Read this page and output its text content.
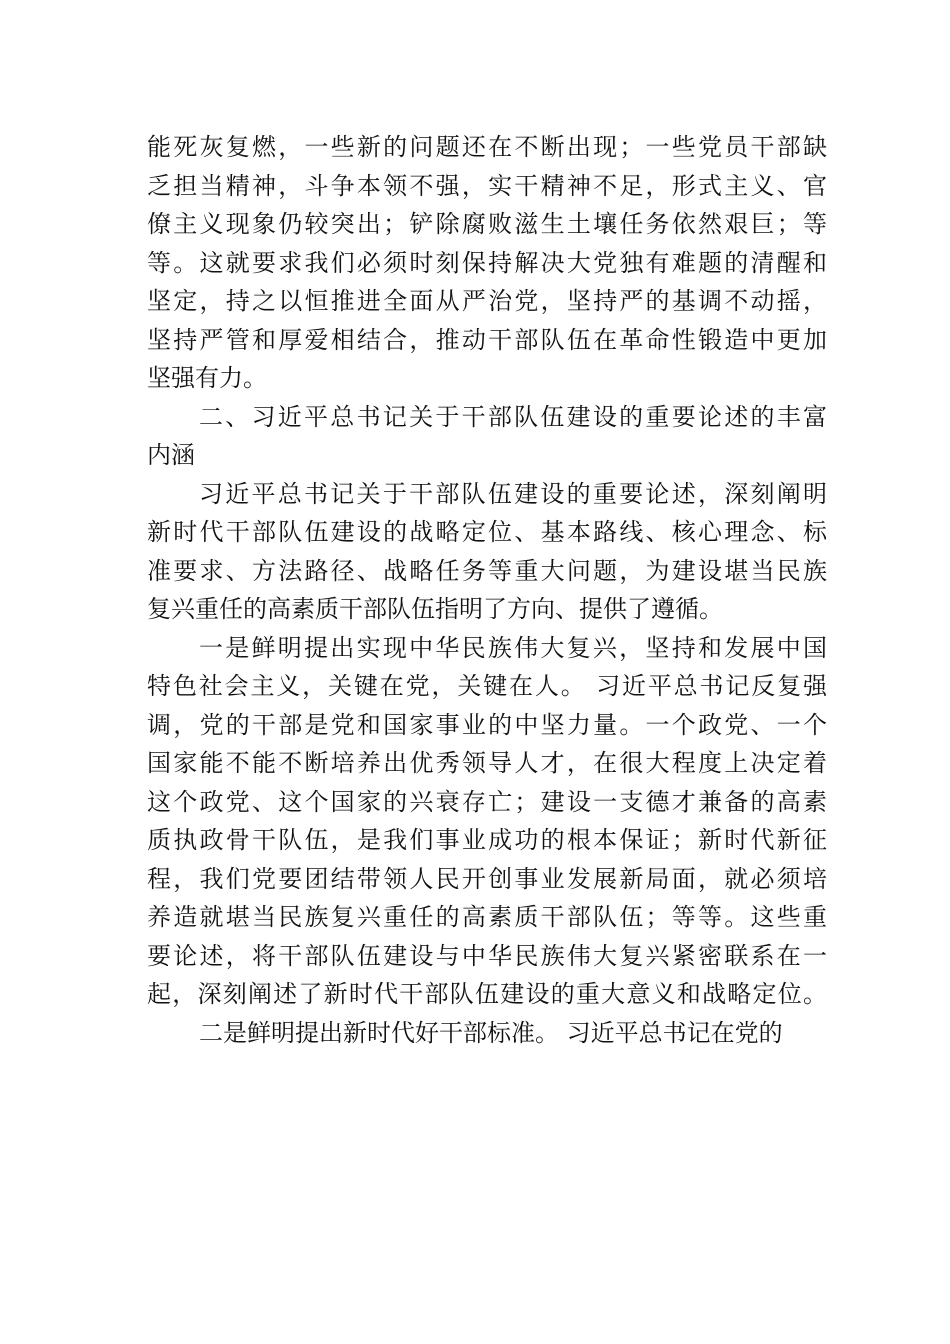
能死灰复燃，一些新的问题还在不断出现；一些党员干部缺
乏担当精神，斗争本领不强，实干精神不足，形式主义、官
僚主义现象仍较突出；铲除腐败滋生土壤任务依然艰巨；等
等。这就要求我们必须时刻保持解决大党独有难题的清醒和
坚定，持之以恒推进全面从严治党，坚持严的基调不动摇，
坚持严管和厚爱相结合，推动干部队伍在革命性锻造中更加
坚强有力。
二、习近平总书记关于干部队伍建设的重要论述的丰富
内涵
习近平总书记关于干部队伍建设的重要论述，深刻阐明
新时代干部队伍建设的战略定位、基本路线、核心理念、标
准要求、方法路径、战略任务等重大问题，为建设堪当民族
复兴重任的高素质干部队伍指明了方向、提供了遵循。
一是鲜明提出实现中华民族伟大复兴，坚持和发展中国
特色社会主义，关键在党，关键在人。 习近平总书记反复强
调，党的干部是党和国家事业的中坚力量。一个政党、一个
国家能不能不断培养出优秀领导人才，在很大程度上决定着
这个政党、这个国家的兴衰存亡；建设一支德才兼备的高素
质执政骨干队伍，是我们事业成功的根本保证；新时代新征
程，我们党要团结带领人民开创事业发展新局面，就必须培
养造就堪当民族复兴重任的高素质干部队伍；等等。这些重
要论述，将干部队伍建设与中华民族伟大复兴紧密联系在一
起，深刻阐述了新时代干部队伍建设的重大意义和战略定位。
二是鲜明提出新时代好干部标准。 习近平总书记在党的
